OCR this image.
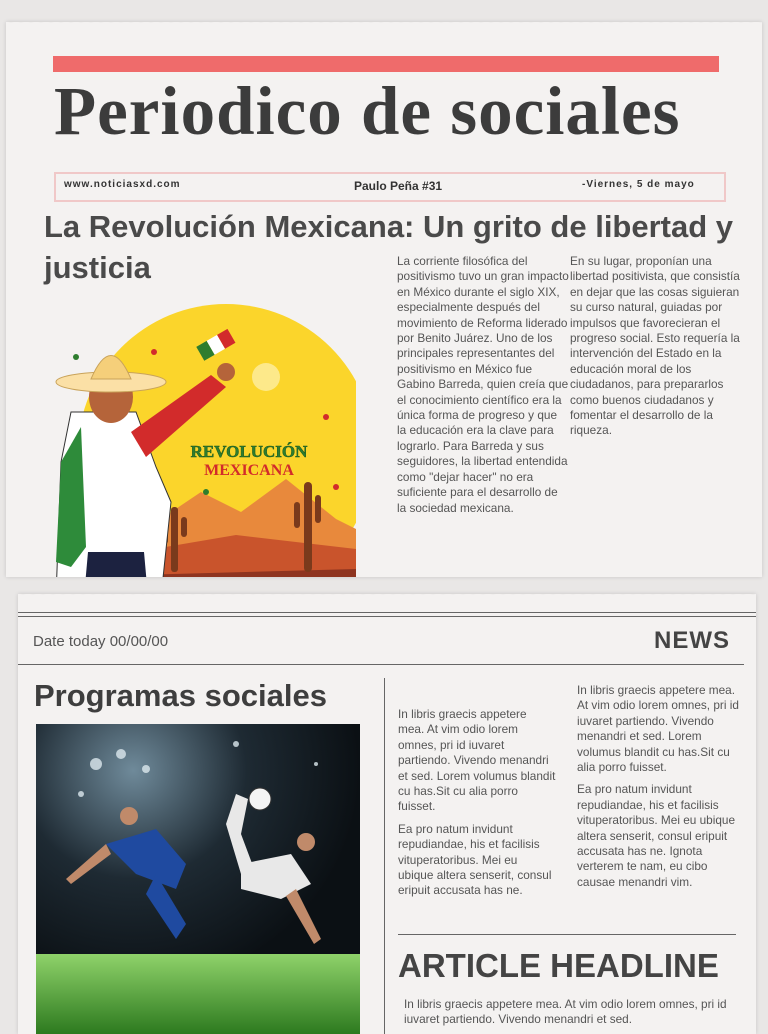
Periodico de sociales
www.noticiasxd.com	Paulo Peña #31	-Viernes, 5 de mayo
La Revolución Mexicana: Un grito de libertad y justicia
REVOLUCIÓN
MEXICANA
La corriente filosófica del positivismo tuvo un gran impacto en México durante el siglo XIX, especialmente después del movimiento de Reforma liderado por Benito Juárez. Uno de los principales representantes del positivismo en México fue Gabino Barreda, quien creía que el conocimiento científico era la única forma de progreso y que la educación era la clave para lograrlo. Para Barreda y sus seguidores, la libertad entendida como "dejar hacer" no era suficiente para el desarrollo de la sociedad mexicana.
En su lugar, proponían una libertad positivista, que consistía en dejar que las cosas siguieran su curso natural, guiadas por impulsos que favorecieran el progreso social. Esto requería la intervención del Estado en la educación moral de los ciudadanos, para prepararlos como buenos ciudadanos y fomentar el desarrollo de la riqueza.
Date today 00/00/00	NEWS
Programas sociales

In libris graecis appetere mea. At vim odio lorem omnes, pri id iuvaret partiendo. Vivendo menandri et sed. Lorem volumus blandit cu has.Sit cu alia porro fuisset.

Ea pro natum invidunt repudiandae, his et facilisis vituperatoribus. Mei eu ubique altera senserit, consul eripuit accusata has ne.

In libris graecis appetere mea. At vim odio lorem omnes, pri id iuvaret partiendo. Vivendo menandri et sed. Lorem volumus blandit cu has.Sit cu alia porro fuisset.

Ea pro natum invidunt repudiandae, his et facilisis vituperatoribus. Mei eu ubique altera senserit, consul eripuit accusata has ne. Ignota verterem te nam, eu cibo causae menandri vim.

ARTICLE HEADLINE
In libris graecis appetere mea. At vim odio lorem omnes, pri id iuvaret partiendo. Vivendo menandri et sed.
